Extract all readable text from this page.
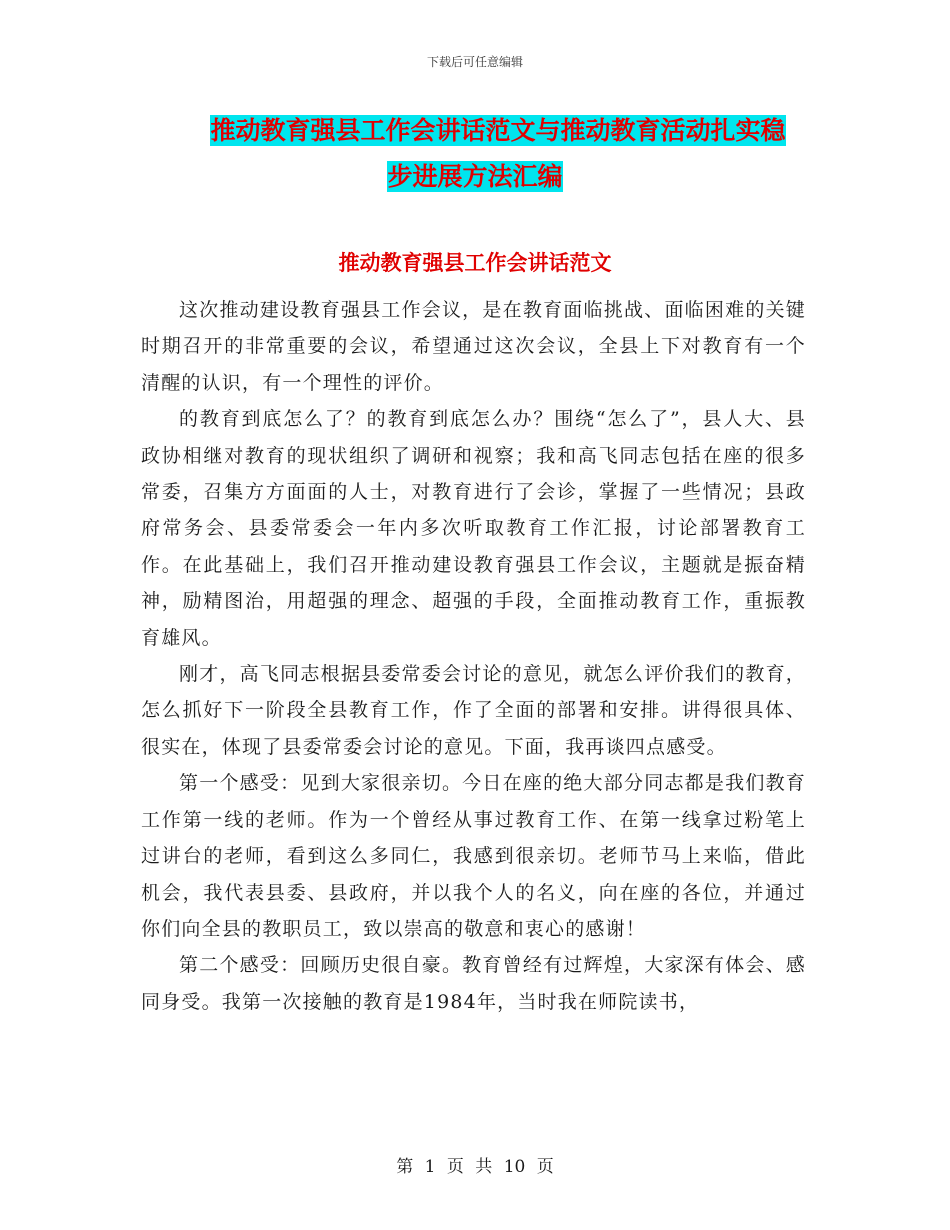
下载后可任意编辑
推动教育强县工作会讲话范文与推动教育活动扎实稳
步进展方法汇编
推动教育强县工作会讲话范文

这次推动建设教育强县工作会议，是在教育面临挑战、面临困难的关键时期召开的非常重要的会议，希望通过这次会议，全县上下对教育有一个清醒的认识，有一个理性的评价。

的教育到底怎么了？的教育到底怎么办？围绕“怎么了”，县人大、县政协相继对教育的现状组织了调研和视察；我和高飞同志包括在座的很多常委，召集方方面面的人士，对教育进行了会诊，掌握了一些情况；县政府常务会、县委常委会一年内多次听取教育工作汇报，讨论部署教育工作。在此基础上，我们召开推动建设教育强县工作会议，主题就是振奋精神，励精图治，用超强的理念、超强的手段，全面推动教育工作，重振教育雄风。

刚才，高飞同志根据县委常委会讨论的意见，就怎么评价我们的教育，怎么抓好下一阶段全县教育工作，作了全面的部署和安排。讲得很具体、很实在，体现了县委常委会讨论的意见。下面，我再谈四点感受。

第一个感受：见到大家很亲切。今日在座的绝大部分同志都是我们教育工作第一线的老师。作为一个曾经从事过教育工作、在第一线拿过粉笔上过讲台的老师，看到这么多同仁，我感到很亲切。老师节马上来临，借此机会，我代表县委、县政府，并以我个人的名义，向在座的各位，并通过你们向全县的教职员工，致以崇高的敬意和衷心的感谢！

第二个感受：回顾历史很自豪。教育曾经有过辉煌，大家深有体会、感同身受。我第一次接触的教育是1984年，当时我在师院读书，

第 1 页 共 10 页
